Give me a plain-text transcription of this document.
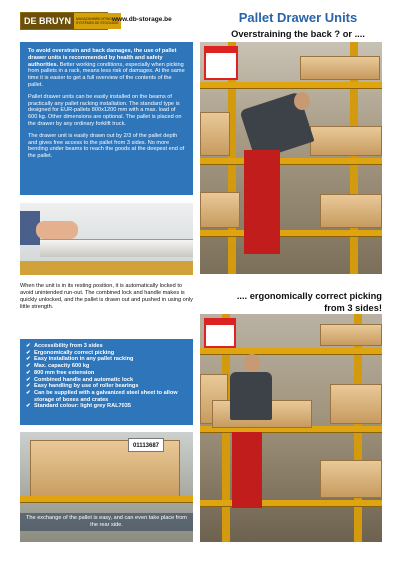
DE BRUYN	MAGAZIJNINRICHTING
SYSTÈMES DE STOCKAGE
www.db-storage.be	Pallet Drawer Units
Overstraining the back ? or ....

To avoid overstrain and back damages, the use of pallet drawer units is recommended by health and safety authorities. Better working conditions, especially when picking from pallets in a rack, means less risk of damages. At the same time it is easier to get a full overview of the contents of the pallet.

Pallet drawer units can be easily installed on the beams of practically any pallet racking installation. The standard type is designed for EUR-pallets 800x1200 mm with a max. load of 600 kg. Other dimensions are optional. The pallet is placed on the drawer by any ordinary forklift truck.

The drawer unit is easily drawn out by 2/3 of the pallet depth and gives free access to the pallet from 3 sides. No more bending under beams to reach the goods at the deepest end of the pallet.

When the unit is in its resting position, it is automatically locked to avoid unintended run-out. The combined lock and handle makes is quickly unlocked, and the pallet is drawn out and pushed in using only little strength.
.... ergonomically correct picking
from 3 sides!
✔ Accessibility from 3 sides
✔ Ergonomically correct picking
✔ Easy installation in any pallet racking
✔ Max. capacity 600 kg
✔ 800 mm free extension
✔ Combined handle and automatic lock
✔ Easy handling by use of roller bearings
✔ Can be supplied with a galvanized steel sheet to allow storage of boxes and crates
✔ Standard colour: light grey RAL7035
01113687
The exchange of the pallet is easy, and can even take place from the rear side.
